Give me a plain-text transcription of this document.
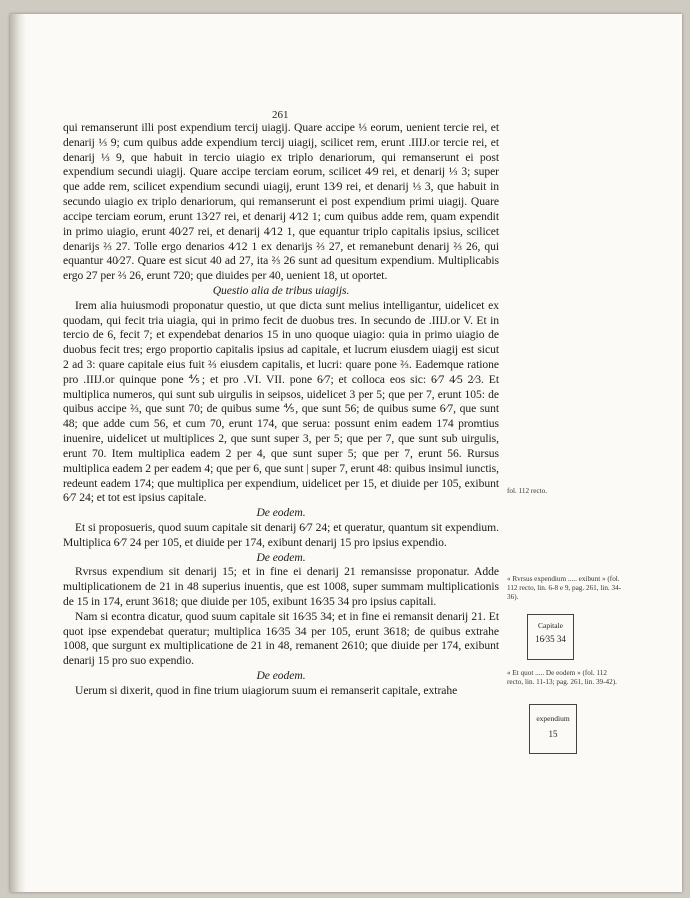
261

qui remanserunt illi post expendium tercij uiagij. Quare accipe ⅓ eorum, uenient tercie rei, et denarij ⅓ 9; cum quibus adde expendium tercij uiagij, scilicet rem, erunt .IIIJ.or tercie rei, et denarij ⅓ 9, que habuit in tercio uiagio ex triplo denariorum, qui remanserunt ei post expendium secundi uiagij. Quare accipe terciam eorum, scilicet 4⁄9 rei, et denarij ⅓ 3; super que adde rem, scilicet expendium secundi uiagij, erunt 13⁄9 rei, et denarij ⅓ 3, que habuit in secundo uiagio ex triplo denariorum, qui remanserunt ei post expendium primi uiagij. Quare accipe terciam eorum, erunt 13⁄27 rei, et denarij 4⁄12 1; cum quibus adde rem, quam expendit in primo uiagio, erunt 40⁄27 rei, et denarij 4⁄12 1, que equantur triplo capitalis ipsius, scilicet denarijs ⅔ 27. Tolle ergo denarios 4⁄12 1 ex denarijs ⅔ 27, et remanebunt denarij ⅔ 26, qui equantur 40⁄27. Quare est sicut 40 ad 27, ita ⅔ 26 sunt ad quesitum expendium. Multiplicabis ergo 27 per ⅔ 26, erunt 720; que diuides per 40, uenient 18, ut oportet.

Questio alia de tribus uiagijs.

Irem alia huiusmodi proponatur questio, ut que dicta sunt melius intelligantur, uidelicet ex quodam, qui fecit tria uiagia, qui in primo fecit de duobus tres. In secundo de .IIIJ.or V. Et in tercio de 6, fecit 7; et expendebat denarios 15 in uno quoque uiagio: quia in primo uiagio de duobus fecit tres; ergo proportio capitalis ipsius ad capitale, et lucrum eiusdem uiagij est sicut 2 ad 3: quare capitale eius fuit ⅔ eiusdem capitalis, et lucri: quare pone ⅔. Eademque ratione pro .IIIJ.or quinque pone ⅘; et pro .VI. VII. pone 6⁄7; et colloca eos sic: 6⁄7 4⁄5 2⁄3. Et multiplica numeros, qui sunt sub uirgulis in seipsos, uidelicet 3 per 5; que per 7, erunt 105: de quibus accipe ⅔, que sunt 70; de quibus sume ⅘, que sunt 56; de quibus sume 6⁄7, que sunt 48; que adde cum 56, et cum 70, erunt 174, que serua: possunt enim eadem 174 promtius inuenire, uidelicet ut multiplices 2, que sunt super 3, per 5; que per 7, que sunt sub uirgulis, erunt 70. Item multiplica eadem 2 per 4, que sunt super 5; que per 7, erunt 56. Rursus multiplica eadem 2 per eadem 4; que per 6, que sunt | super 7, erunt 48: quibus insimul iunctis, redeunt eadem 174; que multiplica per expendium, uidelicet per 15, et diuide per 105, exibunt 6⁄7 24; et tot est ipsius capitale.

De eodem.

Et si proposueris, quod suum capitale sit denarij 6⁄7 24; et queratur, quantum sit expendium. Multiplica 6⁄7 24 per 105, et diuide per 174, exibunt denarij 15 pro ipsius expendio.

De eodem.

Rvrsus expendium sit denarij 15; et in fine ei denarij 21 remansisse proponatur. Adde multiplicationem de 21 in 48 superius inuentis, que est 1008, super summam multiplicationis de 15 in 174, erunt 3618; que diuide per 105, exibunt 16⁄35 34 pro ipsius capitali.

Nam si econtra dicatur, quod suum capitale sit 16⁄35 34; et in fine ei remansit denarij 21. Et quot ipse expendebat queratur; multiplica 16⁄35 34 per 105, erunt 3618; de quibus extrahe 1008, que surgunt ex multiplicatione de 21 in 48, remanent 2610; que diuide per 174, exibunt denarij 15 pro suo expendio.

De eodem.

Uerum si dixerit, quod in fine trium uiagiorum suum ei remanserit capitale, extrahe

fol. 112 recto.
« Rvrsus expendium ..... exibunt » (fol. 112 recto, lin. 6-8 e 9, pag. 261, lin. 34-36).
Capitale
16⁄35 34
« Et quot ..... De eodem » (fol. 112 recto, lin. 11-13; pag. 261, lin. 39-42).
expendium
15
